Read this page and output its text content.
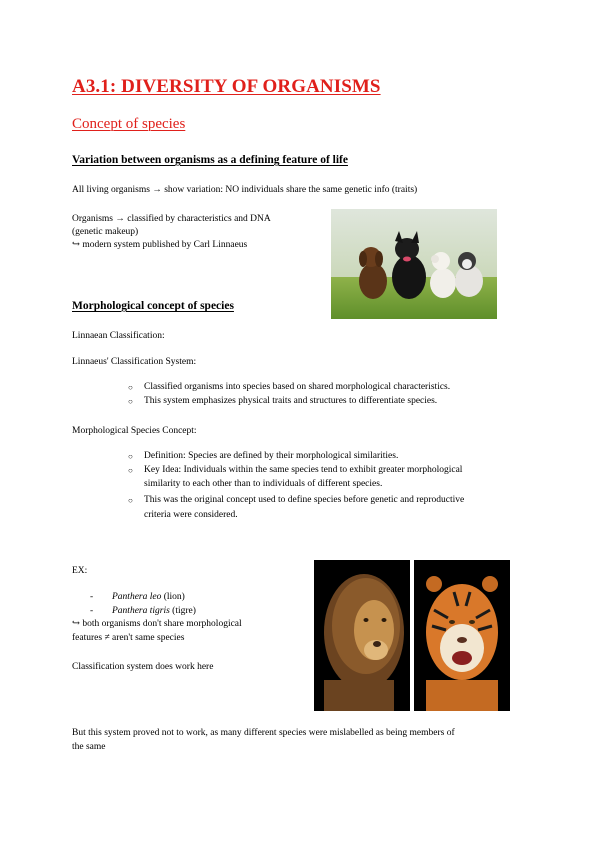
A3.1: DIVERSITY OF ORGANISMS
Concept of species
Variation between organisms as a defining feature of life
All living organisms → show variation: NO individuals share the same genetic info (traits)
Organisms → classified by characteristics and DNA
(genetic makeup)
↪ modern system published by Carl Linnaeus
Morphological concept of species
Linnaean Classification:
Linnaeus' Classification System:
○ Classified organisms into species based on shared morphological characteristics.
○ This system emphasizes physical traits and structures to differentiate species.
Morphological Species Concept:
○ Definition: Species are defined by their morphological similarities.
○ Key Idea: Individuals within the same species tend to exhibit greater morphological
similarity to each other than to individuals of different species.
○ This was the original concept used to define species before genetic and reproductive
criteria were considered.
EX:
- Panthera leo (lion)
- Panthera tigris (tigre)
↪ both organisms don't share morphological
features ≠ aren't same species
Classification system does work here
But this system proved not to work, as many different species were mislabelled as being members of
the same
